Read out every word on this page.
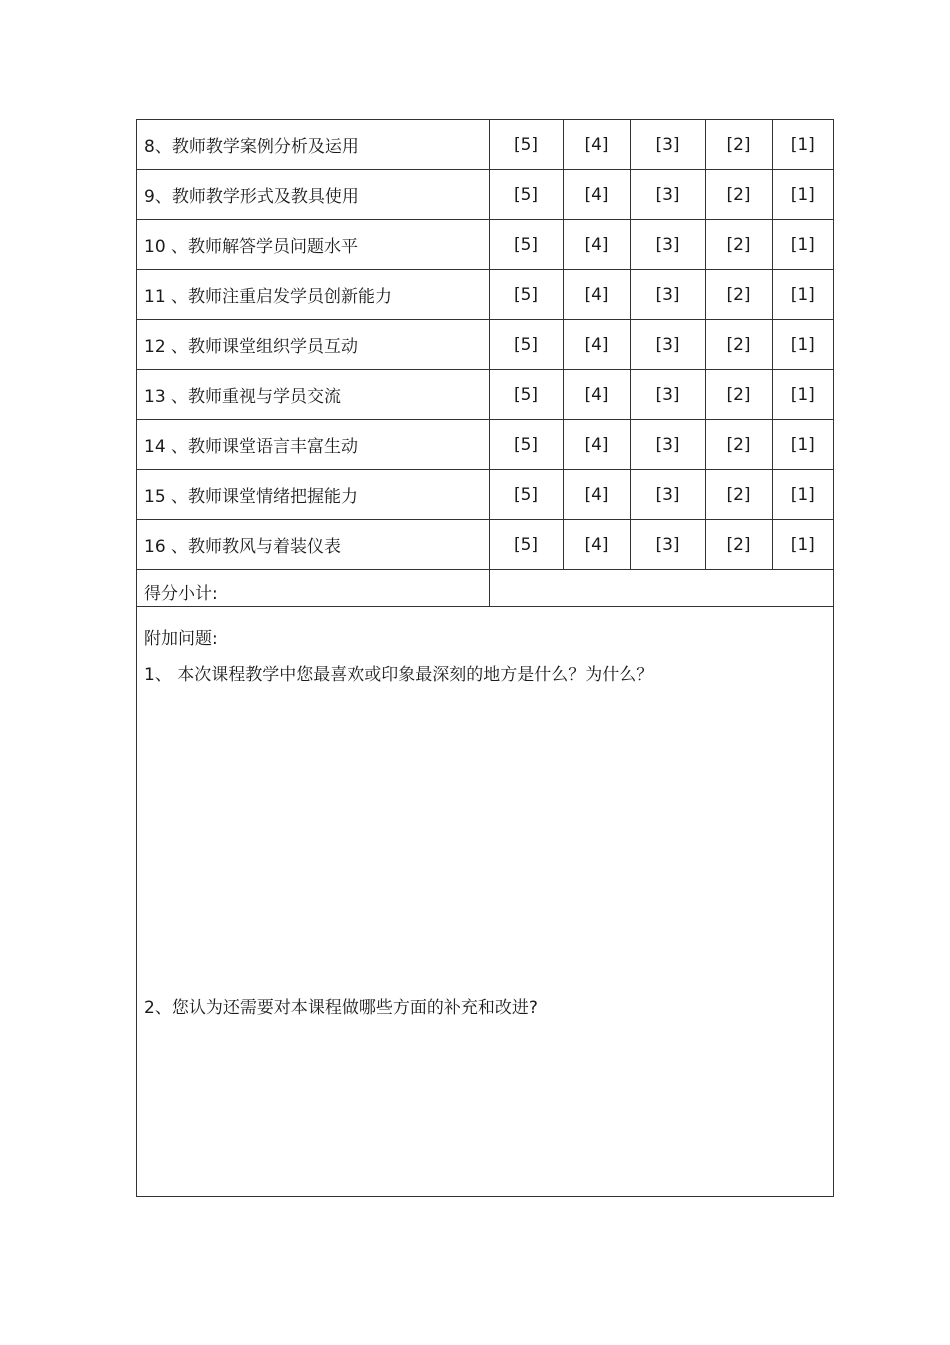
8、教师教学案例分析及运用	[5]	[4]	[3]	[2]	[1]
9、教师教学形式及教具使用	[5]	[4]	[3]	[2]	[1]
10 、教师解答学员问题水平	[5]	[4]	[3]	[2]	[1]
11 、教师注重启发学员创新能力	[5]	[4]	[3]	[2]	[1]
12 、教师课堂组织学员互动	[5]	[4]	[3]	[2]	[1]
13 、教师重视与学员交流	[5]	[4]	[3]	[2]	[1]
14 、教师课堂语言丰富生动	[5]	[4]	[3]	[2]	[1]
15 、教师课堂情绪把握能力	[5]	[4]	[3]	[2]	[1]
16 、教师教风与着装仪表	[5]	[4]	[3]	[2]	[1]
得分小计:					
附加问题:
1、 本次课程教学中您最喜欢或印象最深刻的地方是什么？为什么？
2、您认为还需要对本课程做哪些方面的补充和改进?
